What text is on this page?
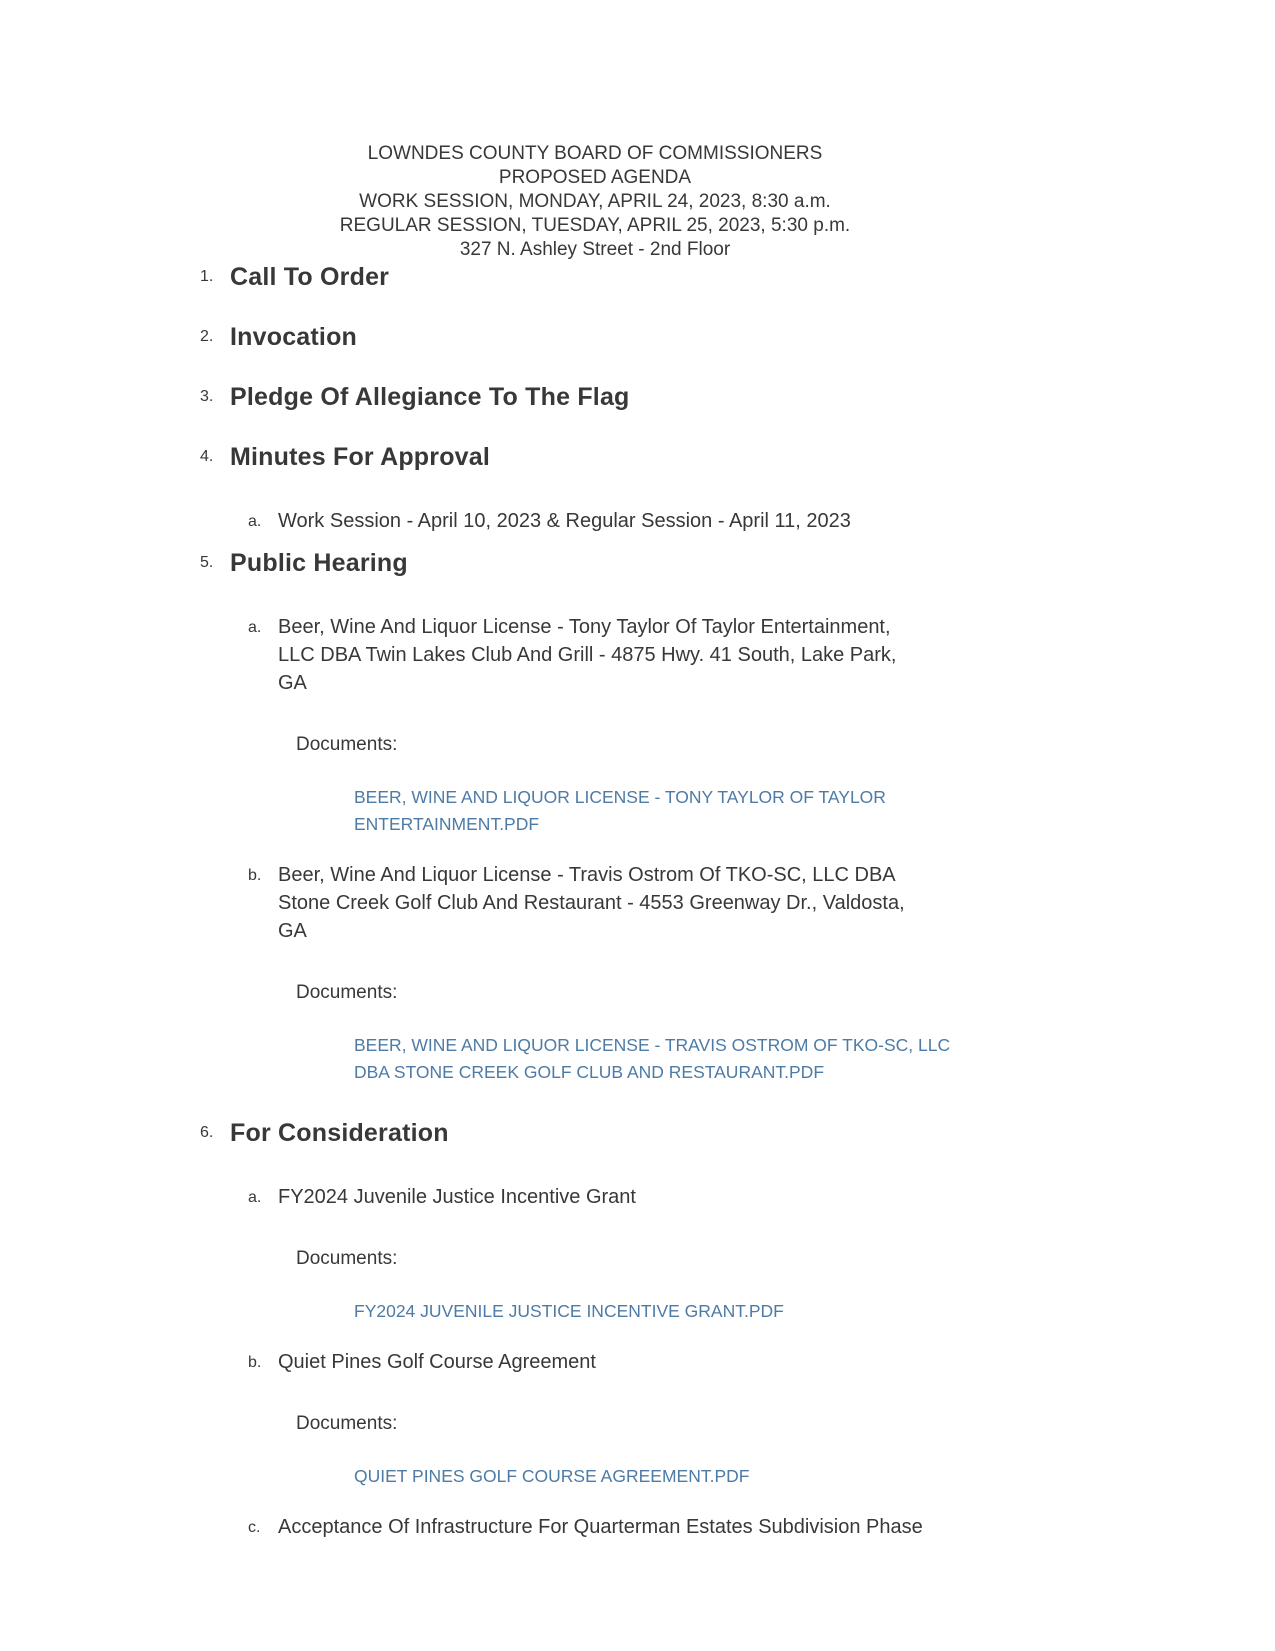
LOWNDES COUNTY BOARD OF COMMISSIONERS
PROPOSED AGENDA
WORK SESSION, MONDAY, APRIL 24, 2023, 8:30 a.m.
REGULAR SESSION, TUESDAY, APRIL 25, 2023, 5:30 p.m.
327 N. Ashley Street - 2nd Floor
1. Call To Order
2. Invocation
3. Pledge Of Allegiance To The Flag
4. Minutes For Approval
a. Work Session - April 10, 2023 & Regular Session - April 11, 2023
5. Public Hearing
a. Beer, Wine And Liquor License - Tony Taylor Of Taylor Entertainment,
LLC DBA Twin Lakes Club And Grill - 4875 Hwy. 41 South, Lake Park,
GA
Documents:
BEER, WINE AND LIQUOR LICENSE - TONY TAYLOR OF TAYLOR
ENTERTAINMENT.PDF
b. Beer, Wine And Liquor License - Travis Ostrom Of TKO-SC, LLC DBA
Stone Creek Golf Club And Restaurant - 4553 Greenway Dr., Valdosta,
GA
Documents:
BEER, WINE AND LIQUOR LICENSE - TRAVIS OSTROM OF TKO-SC, LLC
DBA STONE CREEK GOLF CLUB AND RESTAURANT.PDF
6. For Consideration
a. FY2024 Juvenile Justice Incentive Grant
Documents:
FY2024 JUVENILE JUSTICE INCENTIVE GRANT.PDF
b. Quiet Pines Golf Course Agreement
Documents:
QUIET PINES GOLF COURSE AGREEMENT.PDF
c. Acceptance Of Infrastructure For Quarterman Estates Subdivision Phase
